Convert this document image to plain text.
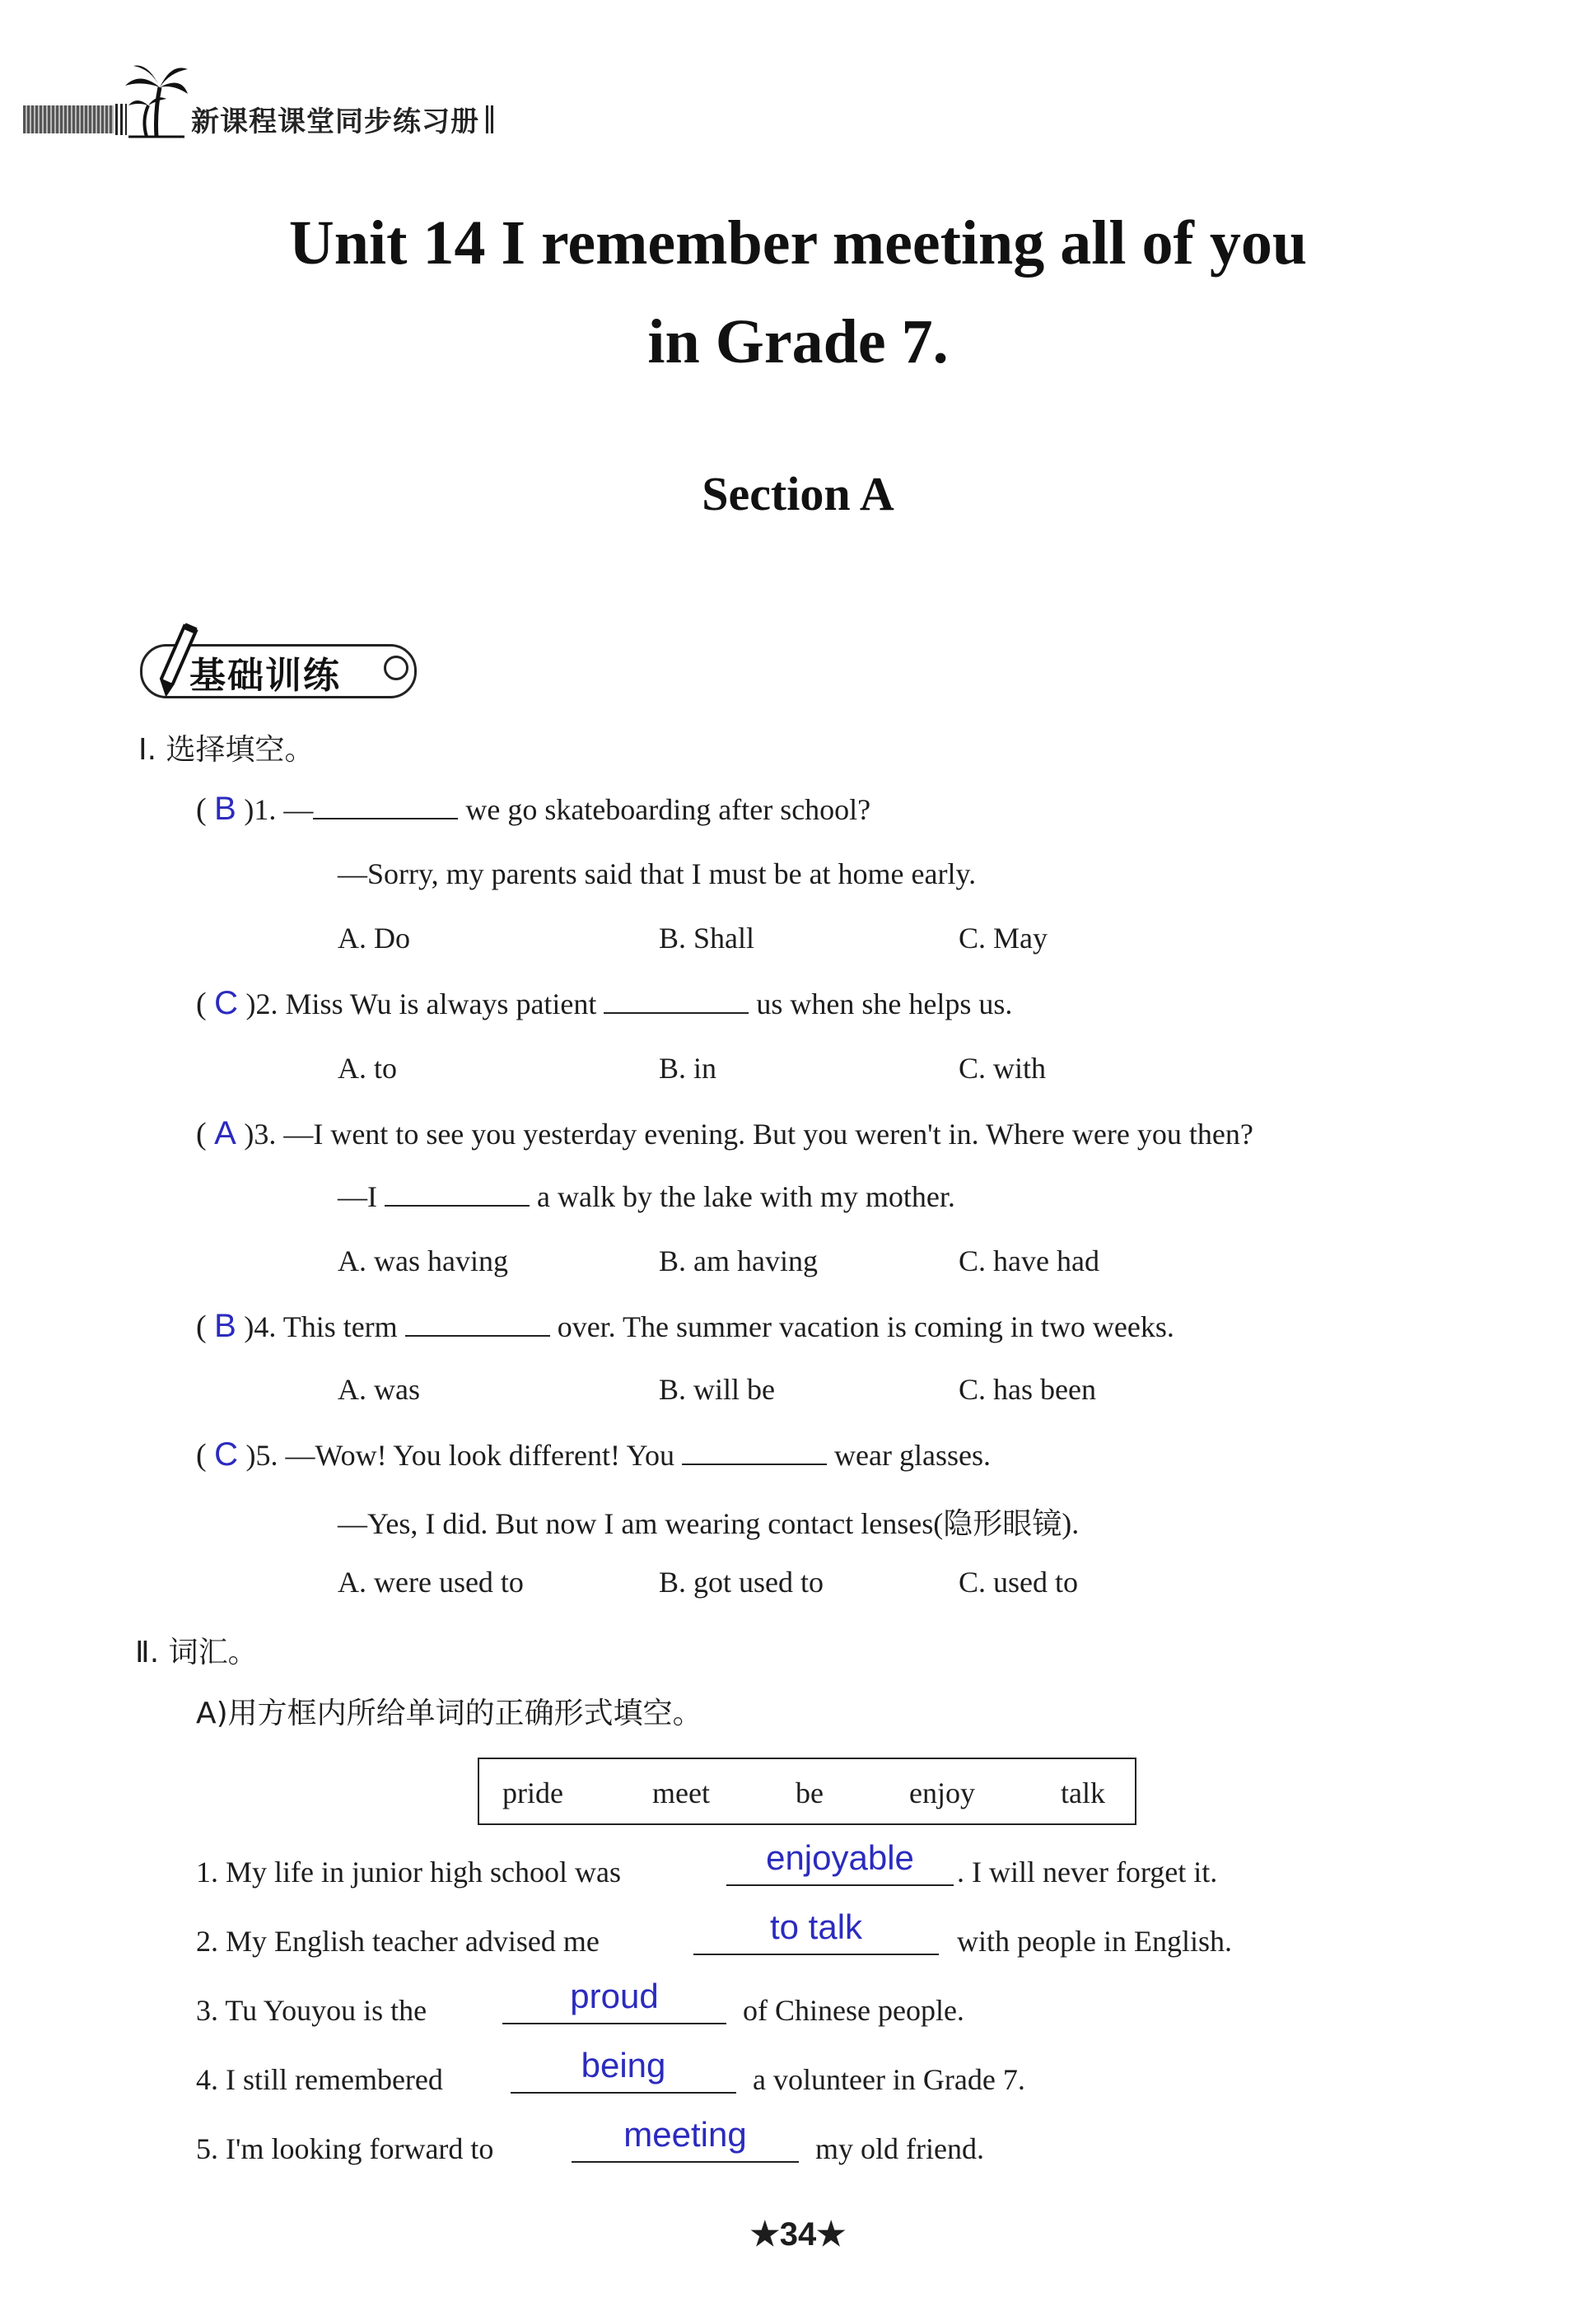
新课程课堂同步练习册
Unit 14 I remember meeting all of you
in Grade 7.
Section A
基础训练
Ⅰ. 选择填空。
( B )1. —	we go skateboarding after school?
—Sorry, my parents said that I must be at home early.
A. Do	B. Shall	C. May
( C )2. Miss Wu is always patient	us when she helps us.
A. to	B. in	C. with
( A )3. —I went to see you yesterday evening. But you weren't in. Where were you then?
—I	a walk by the lake with my mother.
A. was having	B. am having	C. have had
( B )4. This term	over. The summer vacation is coming in two weeks.
A. was	B. will be	C. has been
( C )5. —Wow! You look different! You	wear glasses.
—Yes, I did. But now I am wearing contact lenses(隐形眼镜).
A. were used to	B. got used to	C. used to
Ⅱ. 词汇。
A)用方框内所给单词的正确形式填空。
pride	meet	be	enjoy	talk
1. My life in junior high school was	enjoyable	. I will never forget it.
2. My English teacher advised me	to talk	with people in English.
3. Tu Youyou is the	proud	of Chinese people.
4. I still remembered	being	a volunteer in Grade 7.
5. I'm looking forward to	meeting	my old friend.
★34★
